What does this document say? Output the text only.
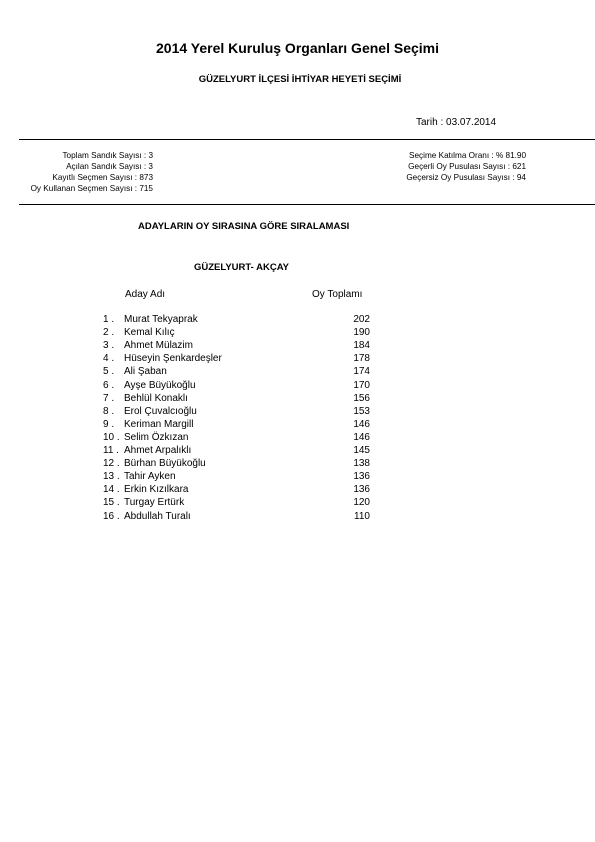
2014 Yerel Kuruluş Organları Genel Seçimi
GÜZELYURT İLÇESİ İHTİYAR HEYETİ SEÇİMİ
Tarih : 03.07.2014
Toplam Sandık Sayısı : 3
Açılan Sandık Sayısı : 3
Kayıtlı Seçmen Sayısı : 873
Oy Kullanan Seçmen Sayısı : 715
Seçime Katılma Oranı : % 81.90
Geçerli Oy Pusulası Sayısı : 621
Geçersiz Oy Pusulası Sayısı : 94
ADAYLARIN OY SIRASINA GÖRE SIRALAMASI
GÜZELYURT- AKÇAY
Aday Adı	Oy Toplamı
1 . Murat Tekyaprak	202
2 . Kemal Kılıç	190
3 . Ahmet Mülazim	184
4 . Hüseyin Şenkardeşler	178
5 . Ali Şaban	174
6 . Ayşe Büyükoğlu	170
7 . Behlül Konaklı	156
8 . Erol Çuvalcıoğlu	153
9 . Keriman Margill	146
10 . Selim Özkızan	146
11 . Ahmet Arpalıklı	145
12 . Bürhan Büyükoğlu	138
13 . Tahir Ayken	136
14 . Erkin Kızılkara	136
15 . Turgay Ertürk	120
16 . Abdullah Turalı	110
